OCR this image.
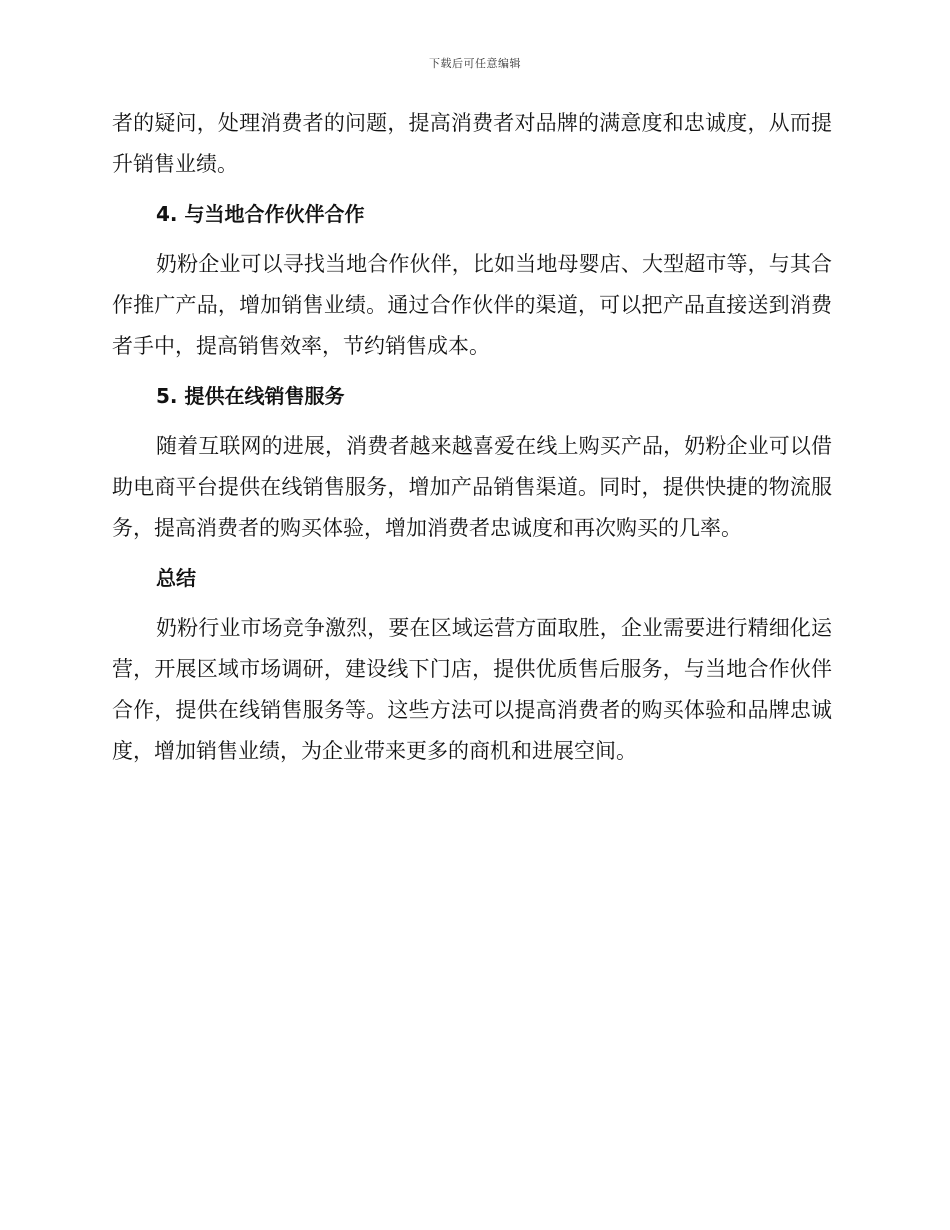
下载后可任意编辑

者的疑问，处理消费者的问题，提高消费者对品牌的满意度和忠诚度，从而提升销售业绩。

4. 与当地合作伙伴合作

奶粉企业可以寻找当地合作伙伴，比如当地母婴店、大型超市等，与其合作推广产品，增加销售业绩。通过合作伙伴的渠道，可以把产品直接送到消费者手中，提高销售效率，节约销售成本。

5. 提供在线销售服务

随着互联网的进展，消费者越来越喜爱在线上购买产品，奶粉企业可以借助电商平台提供在线销售服务，增加产品销售渠道。同时，提供快捷的物流服务，提高消费者的购买体验，增加消费者忠诚度和再次购买的几率。

总结

奶粉行业市场竞争激烈，要在区域运营方面取胜，企业需要进行精细化运营，开展区域市场调研，建设线下门店，提供优质售后服务，与当地合作伙伴合作，提供在线销售服务等。这些方法可以提高消费者的购买体验和品牌忠诚度，增加销售业绩，为企业带来更多的商机和进展空间。
